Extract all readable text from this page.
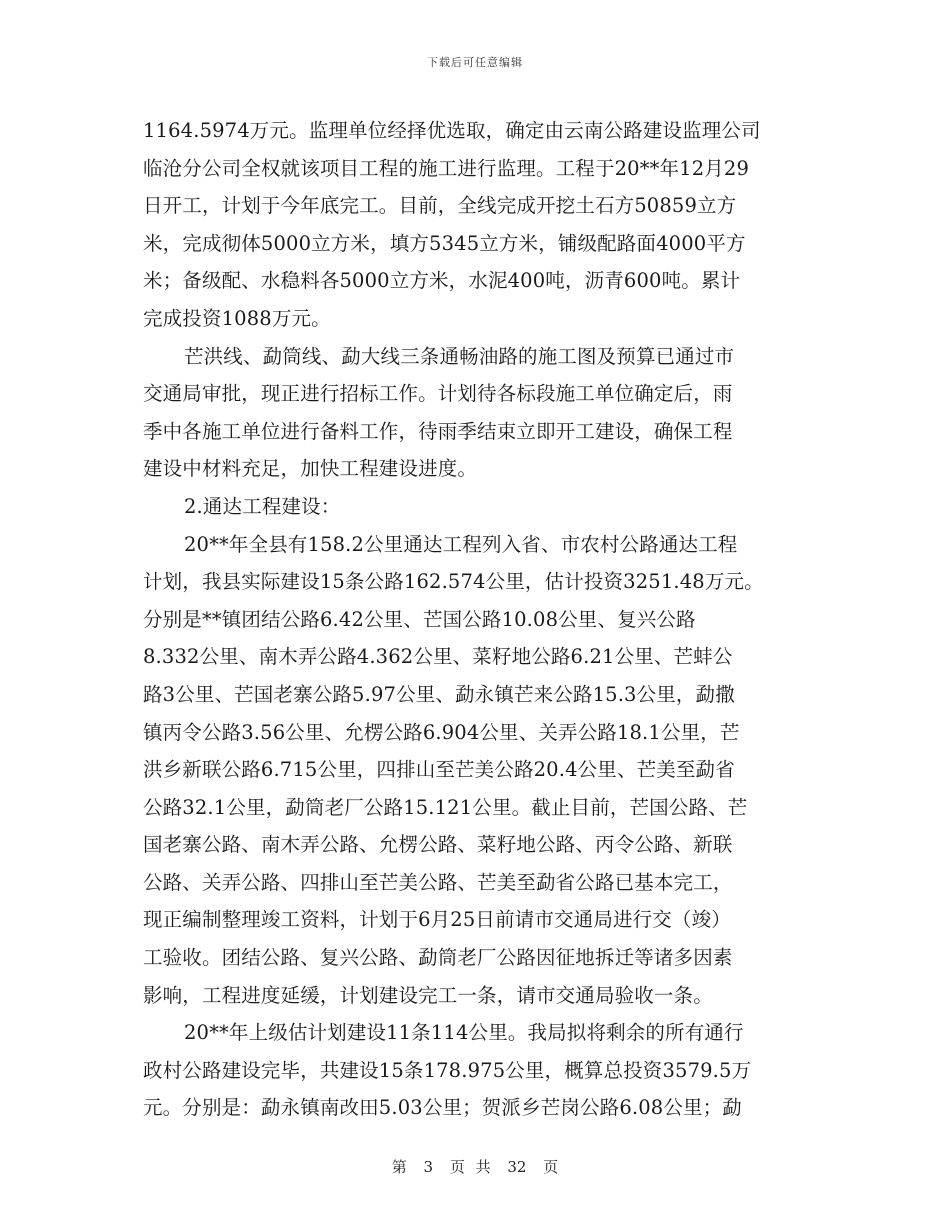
下载后可任意编辑
1164.5974万元。监理单位经择优选取，确定由云南公路建设监理公司
临沧分公司全权就该项目工程的施工进行监理。工程于20**年12月29
日开工，计划于今年底完工。目前，全线完成开挖土石方50859立方
米，完成彻体5000立方米，填方5345立方米，铺级配路面4000平方
米；备级配、水稳料各5000立方米，水泥400吨，沥青600吨。累计
完成投资1088万元。
芒洪线、勐筒线、勐大线三条通畅油路的施工图及预算已通过市
交通局审批，现正进行招标工作。计划待各标段施工单位确定后，雨
季中各施工单位进行备料工作，待雨季结束立即开工建设，确保工程
建设中材料充足，加快工程建设进度。
2.通达工程建设：
20**年全县有158.2公里通达工程列入省、市农村公路通达工程
计划，我县实际建设15条公路162.574公里，估计投资3251.48万元。
分别是**镇团结公路6.42公里、芒国公路10.08公里、复兴公路
8.332公里、南木弄公路4.362公里、菜籽地公路6.21公里、芒蚌公
路3公里、芒国老寨公路5.97公里、勐永镇芒来公路15.3公里，勐撒
镇丙令公路3.56公里、允楞公路6.904公里、关弄公路18.1公里，芒
洪乡新联公路6.715公里，四排山至芒美公路20.4公里、芒美至勐省
公路32.1公里，勐筒老厂公路15.121公里。截止目前，芒国公路、芒
国老寨公路、南木弄公路、允楞公路、菜籽地公路、丙令公路、新联
公路、关弄公路、四排山至芒美公路、芒美至勐省公路已基本完工，
现正编制整理竣工资料，计划于6月25日前请市交通局进行交（竣）
工验收。团结公路、复兴公路、勐筒老厂公路因征地拆迁等诸多因素
影响，工程进度延缓，计划建设完工一条，请市交通局验收一条。
20**年上级估计划建设11条114公里。我局拟将剩余的所有通行
政村公路建设完毕，共建设15条178.975公里，概算总投资3579.5万
元。分别是：勐永镇南改田5.03公里；贺派乡芒岗公路6.08公里；勐
第 3 页 共 32 页
